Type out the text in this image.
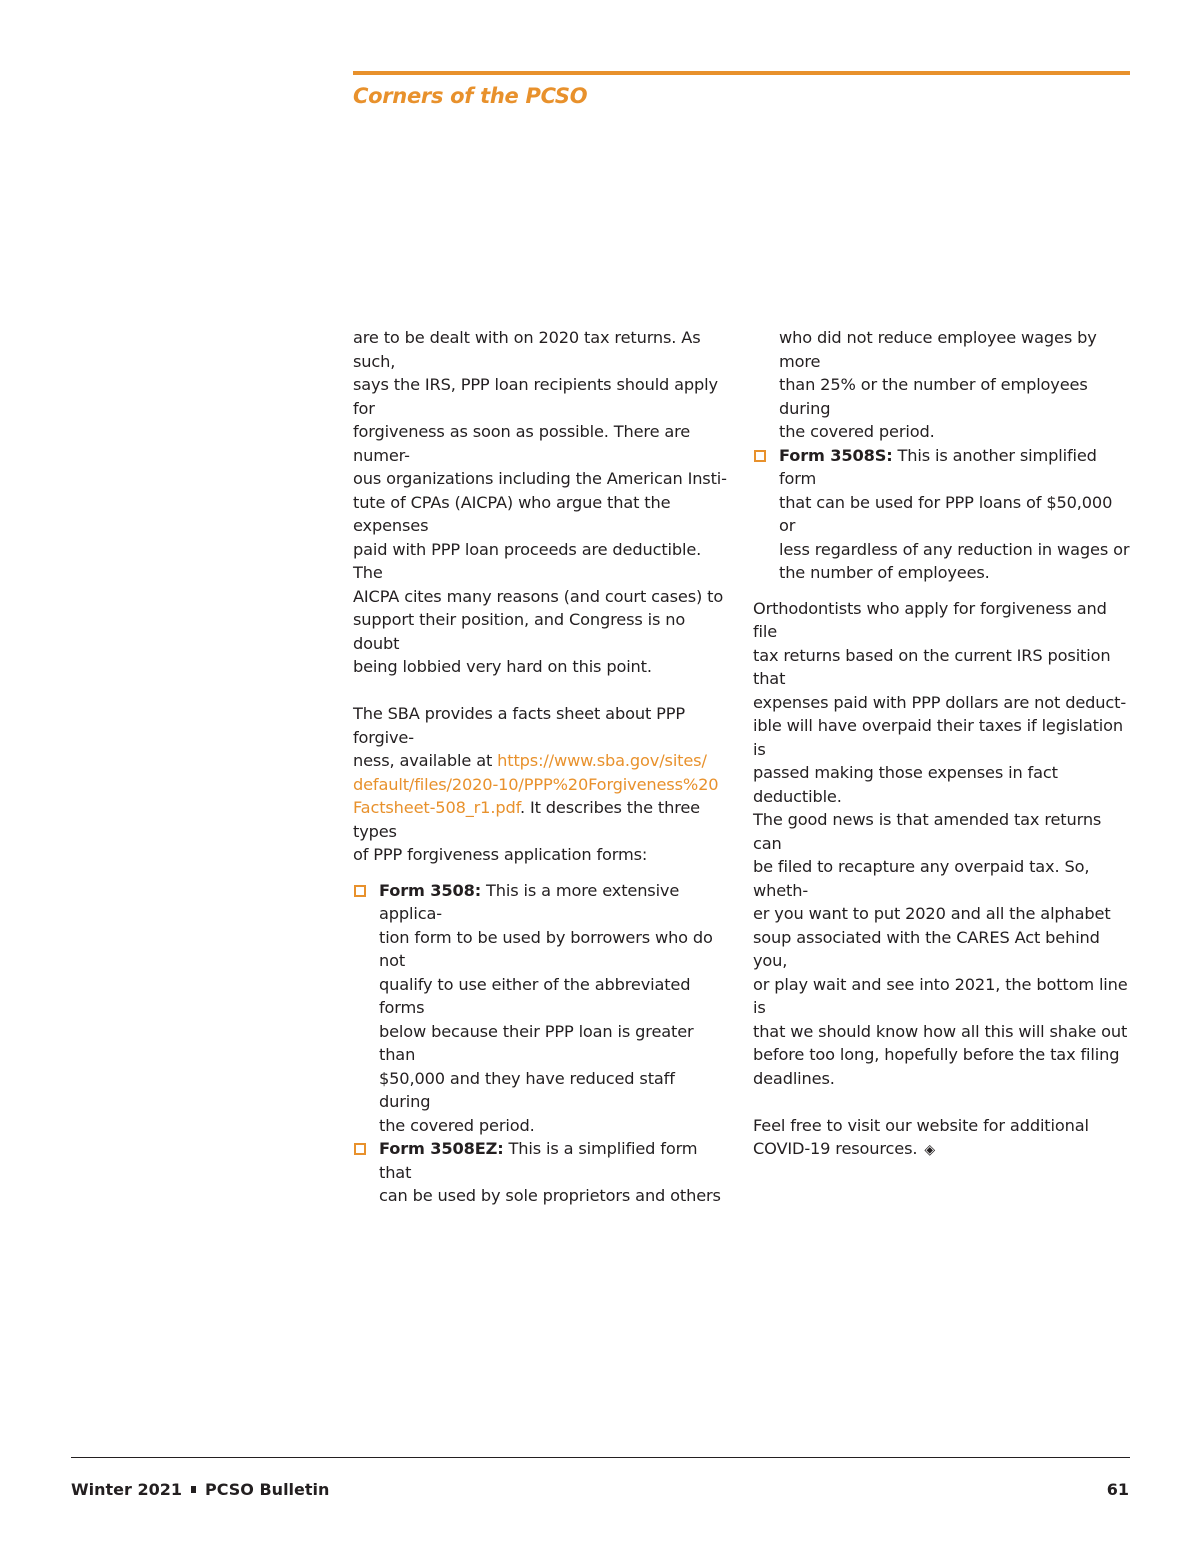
Corners of the PCSO

are to be dealt with on 2020 tax returns. As such,
says the IRS, PPP loan recipients should apply for
forgiveness as soon as possible. There are numer-
ous organizations including the American Insti-
tute of CPAs (AICPA) who argue that the expenses
paid with PPP loan proceeds are deductible. The
AICPA cites many reasons (and court cases) to
support their position, and Congress is no doubt
being lobbied very hard on this point.

The SBA provides a facts sheet about PPP forgive-
ness, available at https://www.sba.gov/sites/
default/files/2020-10/PPP%20Forgiveness%20
Factsheet-508_r1.pdf. It describes the three types
of PPP forgiveness application forms:

Form 3508: This is a more extensive applica-
tion form to be used by borrowers who do not
qualify to use either of the abbreviated forms
below because their PPP loan is greater than
$50,000 and they have reduced staff during
the covered period.

Form 3508EZ: This is a simplified form that
can be used by sole proprietors and others

who did not reduce employee wages by more
than 25% or the number of employees during
the covered period.

Form 3508S: This is another simplified form
that can be used for PPP loans of $50,000 or
less regardless of any reduction in wages or
the number of employees.

Orthodontists who apply for forgiveness and file
tax returns based on the current IRS position that
expenses paid with PPP dollars are not deduct-
ible will have overpaid their taxes if legislation is
passed making those expenses in fact deductible.
The good news is that amended tax returns can
be filed to recapture any overpaid tax. So, wheth-
er you want to put 2020 and all the alphabet
soup associated with the CARES Act behind you,
or play wait and see into 2021, the bottom line is
that we should know how all this will shake out
before too long, hopefully before the tax filing
deadlines.

Feel free to visit our website for additional
COVID-19 resources. ◈

Winter 2021 PCSO Bulletin	61
